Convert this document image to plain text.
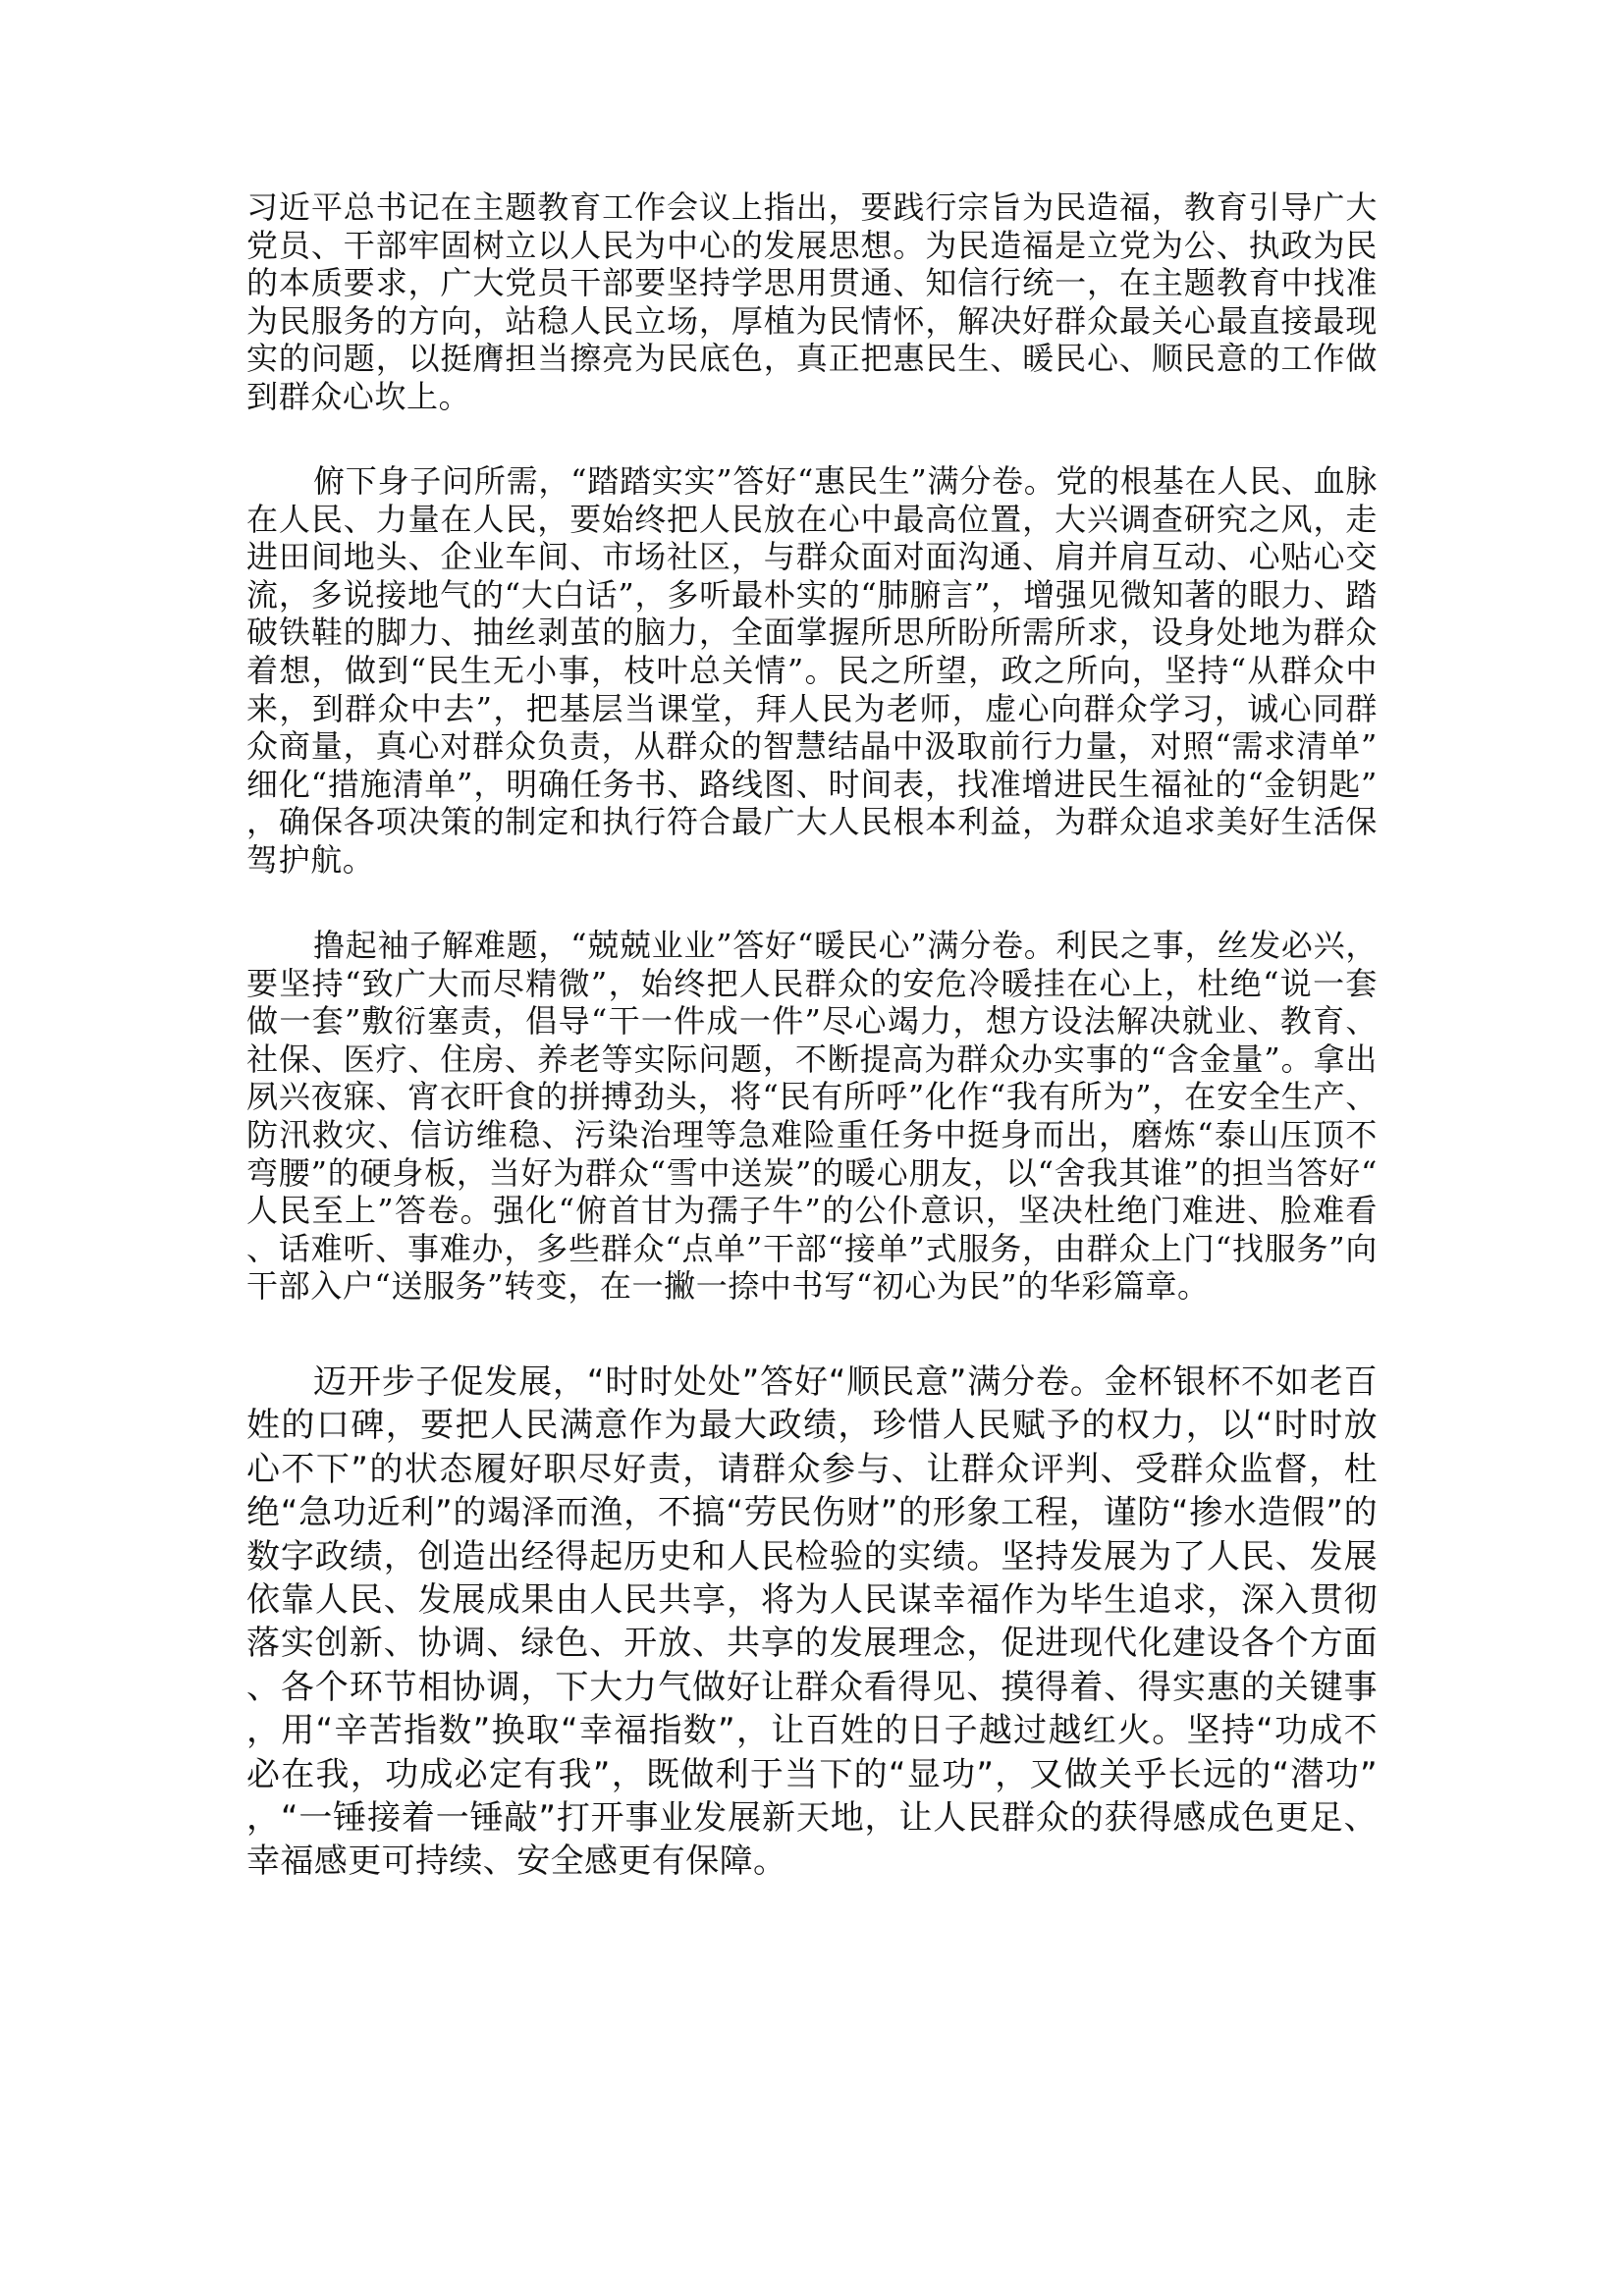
习近平总书记在主题教育工作会议上指出，要践行宗旨为民造福，教育引导广大党员、干部牢固树立以人民为中心的发展思想。为民造福是立党为公、执政为民的本质要求，广大党员干部要坚持学思用贯通、知信行统一，在主题教育中找准为民服务的方向，站稳人民立场，厚植为民情怀，解决好群众最关心最直接最现实的问题，以挺膺担当擦亮为民底色，真正把惠民生、暖民心、顺民意的工作做到群众心坎上。

俯下身子问所需，“踏踏实实”答好“惠民生”满分卷。党的根基在人民、血脉在人民、力量在人民，要始终把人民放在心中最高位置，大兴调查研究之风，走进田间地头、企业车间、市场社区，与群众面对面沟通、肩并肩互动、心贴心交流，多说接地气的“大白话”，多听最朴实的“肺腑言”，增强见微知著的眼力、踏破铁鞋的脚力、抽丝剥茧的脑力，全面掌握所思所盼所需所求，设身处地为群众着想，做到“民生无小事，枝叶总关情”。民之所望，政之所向，坚持“从群众中来，到群众中去”，把基层当课堂，拜人民为老师，虚心向群众学习，诚心同群众商量，真心对群众负责，从群众的智慧结晶中汲取前行力量，对照“需求清单”细化“措施清单”，明确任务书、路线图、时间表，找准增进民生福祉的“金钥匙”，确保各项决策的制定和执行符合最广大人民根本利益，为群众追求美好生活保驾护航。

撸起袖子解难题，“兢兢业业”答好“暖民心”满分卷。利民之事，丝发必兴，要坚持“致广大而尽精微”，始终把人民群众的安危冷暖挂在心上，杜绝“说一套做一套”敷衍塞责，倡导“干一件成一件”尽心竭力，想方设法解决就业、教育、社保、医疗、住房、养老等实际问题，不断提高为群众办实事的“含金量”。拿出夙兴夜寐、宵衣旰食的拼搏劲头，将“民有所呼”化作“我有所为”，在安全生产、防汛救灾、信访维稳、污染治理等急难险重任务中挺身而出，磨炼“泰山压顶不弯腰”的硬身板，当好为群众“雪中送炭”的暖心朋友，以“舍我其谁”的担当答好“人民至上”答卷。强化“俯首甘为孺子牛”的公仆意识，坚决杜绝门难进、脸难看、话难听、事难办，多些群众“点单”干部“接单”式服务，由群众上门“找服务”向干部入户“送服务”转变，在一撇一捺中书写“初心为民”的华彩篇章。

迈开步子促发展，“时时处处”答好“顺民意”满分卷。金杯银杯不如老百姓的口碑，要把人民满意作为最大政绩，珍惜人民赋予的权力，以“时时放心不下”的状态履好职尽好责，请群众参与、让群众评判、受群众监督，杜绝“急功近利”的竭泽而渔，不搞“劳民伤财”的形象工程，谨防“掺水造假”的数字政绩，创造出经得起历史和人民检验的实绩。坚持发展为了人民、发展依靠人民、发展成果由人民共享，将为人民谋幸福作为毕生追求，深入贯彻落实创新、协调、绿色、开放、共享的发展理念，促进现代化建设各个方面、各个环节相协调，下大力气做好让群众看得见、摸得着、得实惠的关键事，用“辛苦指数”换取“幸福指数”，让百姓的日子越过越红火。坚持“功成不必在我，功成必定有我”，既做利于当下的“显功”，又做关乎长远的“潜功”，“一锤接着一锤敲”打开事业发展新天地，让人民群众的获得感成色更足、幸福感更可持续、安全感更有保障。
